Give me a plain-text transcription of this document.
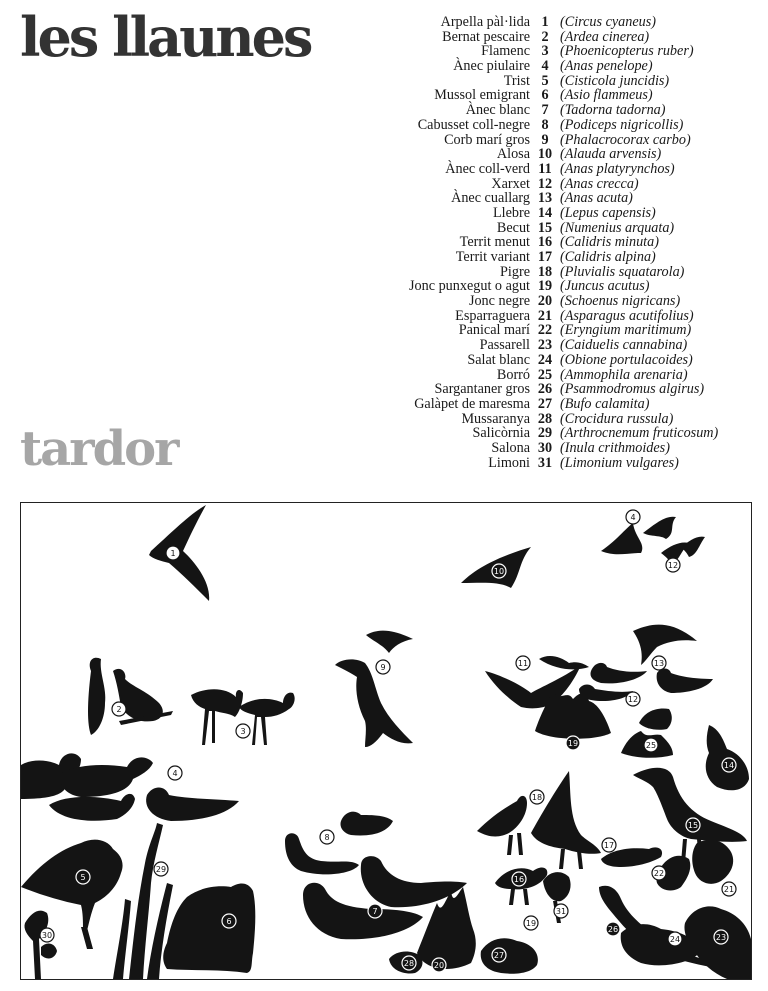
les llaunes
tardor
Arpella pàl·lida 1 (Circus cyaneus)
Bernat pescaire 2 (Ardea cinerea)
Flamenc 3 (Phoenicopterus ruber)
Ànec piulaire 4 (Anas penelope)
Trist 5 (Cisticola juncidis)
Mussol emigrant 6 (Asio flammeus)
Ànec blanc 7 (Tadorna tadorna)
Cabusset coll-negre 8 (Podiceps nigricollis)
Corb marí gros 9 (Phalacrocorax carbo)
Alosa 10 (Alauda arvensis)
Ànec coll-verd 11 (Anas platyrynchos)
Xarxet 12 (Anas crecca)
Ànec cuallarg 13 (Anas acuta)
Llebre 14 (Lepus capensis)
Becut 15 (Numenius arquata)
Territ menut 16 (Calidris minuta)
Territ variant 17 (Calidris alpina)
Pigre 18 (Pluvialis squatarola)
Jonc punxegut o agut 19 (Juncus acutus)
Jonc negre 20 (Schoenus nigricans)
Esparraguera 21 (Asparagus acutifolius)
Panical marí 22 (Eryngium maritimum)
Passarell 23 (Caiduelis cannabina)
Salat blanc 24 (Obione portulacoides)
Borró 25 (Ammophila arenaria)
Sargantaner gros 26 (Psammodromus algirus)
Galàpet de maresma 27 (Bufo calamita)
Mussaranya 28 (Crocidura russula)
Salicòrnia 29 (Arthrocnemum fruticosum)
Salona 30 (Inula crithmoides)
Limoni 31 (Limonium vulgares)
1
2
3
4
4
5
6
7
8
9
10
11
12
12
13
14
15
16
17
18
19
19
20
21
22
23
24
25
26
27
28
29
30
31
